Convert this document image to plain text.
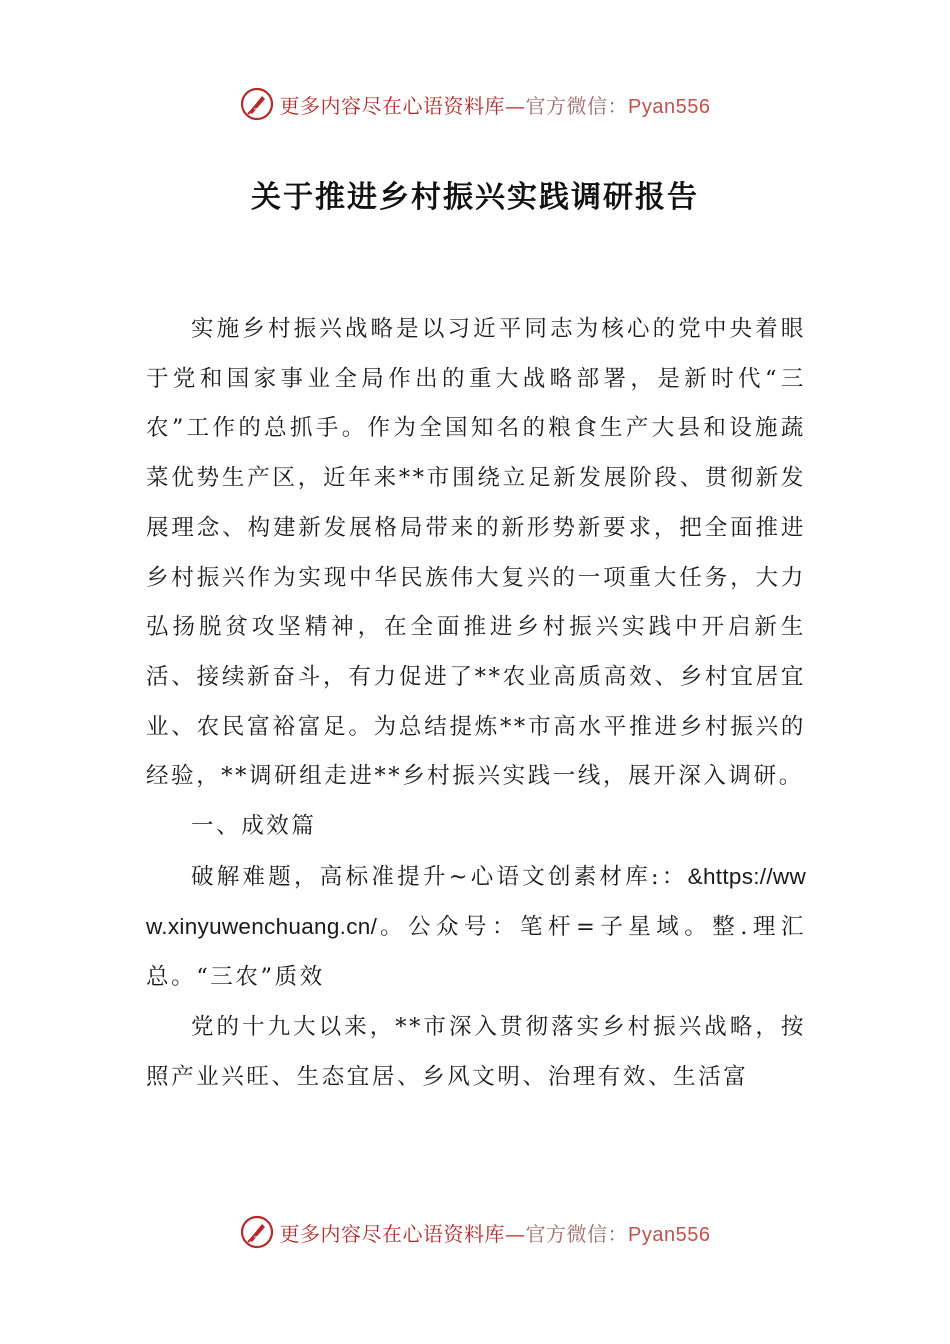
更多内容尽在心语资料库—官方微信：Pyan556
关于推进乡村振兴实践调研报告

实施乡村振兴战略是以习近平同志为核心的党中央着眼于党和国家事业全局作出的重大战略部署，是新时代“三农”工作的总抓手。作为全国知名的粮食生产大县和设施蔬菜优势生产区，近年来**市围绕立足新发展阶段、贯彻新发展理念、构建新发展格局带来的新形势新要求，把全面推进乡村振兴作为实现中华民族伟大复兴的一项重大任务，大力弘扬脱贫攻坚精神，在全面推进乡村振兴实践中开启新生活、接续新奋斗，有力促进了**农业高质高效、乡村宜居宜业、农民富裕富足。为总结提炼**市高水平推进乡村振兴的经验，**调研组走进**乡村振兴实践一线，展开深入调研。

一、成效篇

破解难题，高标准提升~心语文创素材库:：&https://www.xinyuwenchuang.cn/。公众号：笔杆=子星域。整.理汇总。“三农”质效

党的十九大以来，**市深入贯彻落实乡村振兴战略，按照产业兴旺、生态宜居、乡风文明、治理有效、生活富

更多内容尽在心语资料库—官方微信：Pyan556
